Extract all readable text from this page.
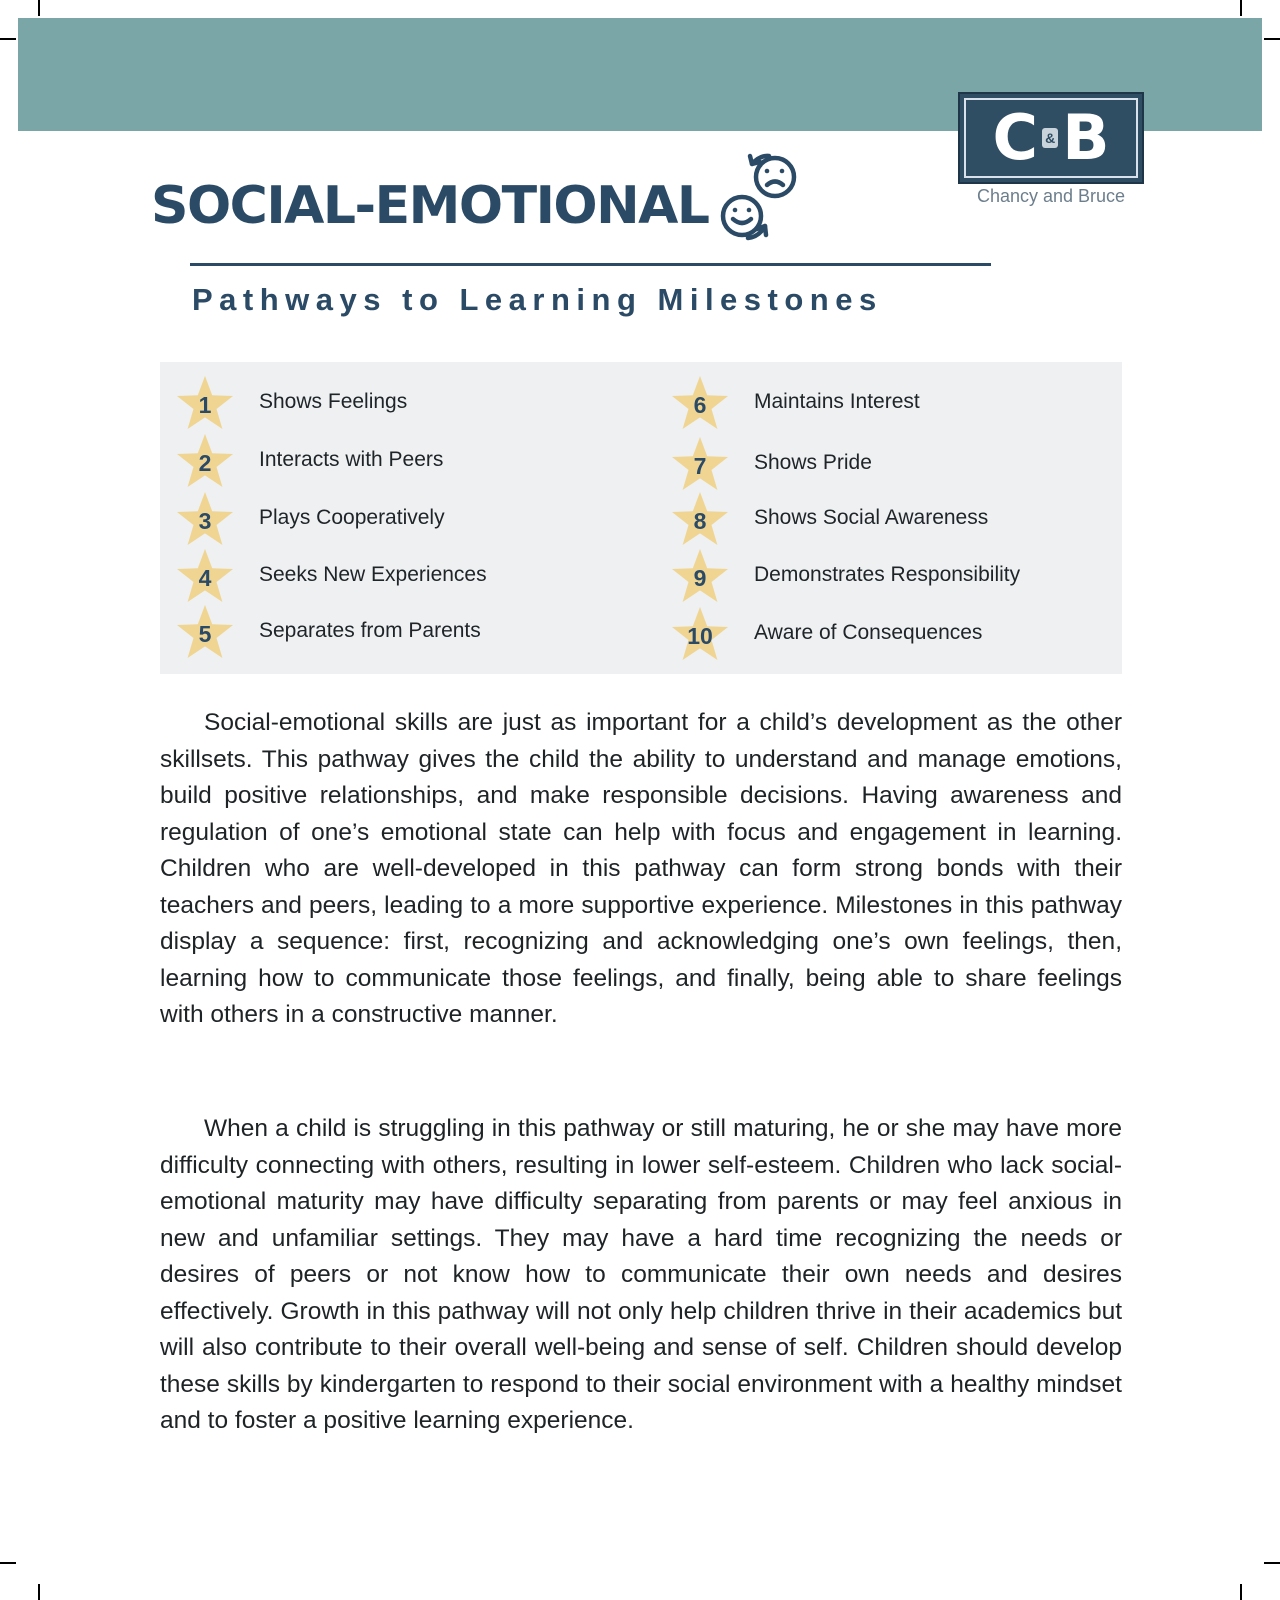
C & B
Chancy and Bruce
SOCIAL-EMOTIONAL
Pathways to Learning Milestones
1	Shows Feelings
2	Interacts with Peers
3	Plays Cooperatively
4	Seeks New Experiences
5	Separates from Parents
6	Maintains Interest
7	Shows Pride
8	Shows Social Awareness
9	Demonstrates Responsibility
10	Aware of Consequences

Social-emotional skills are just as important for a child’s development as the other skillsets. This pathway gives the child the ability to understand and manage emotions, build positive relationships, and make responsible decisions. Having awareness and regulation of one’s emotional state can help with focus and engagement in learning. Children who are well-developed in this pathway can form strong bonds with their teachers and peers, leading to a more supportive experience. Milestones in this pathway display a sequence: first, recognizing and acknowledging one’s own feelings, then, learning how to communicate those feelings, and finally, being able to share feelings with others in a constructive manner.

When a child is struggling in this pathway or still maturing, he or she may have more difficulty connecting with others, resulting in lower self-esteem. Children who lack social-emotional maturity may have difficulty separating from parents or may feel anxious in new and unfamiliar settings. They may have a hard time recognizing the needs or desires of peers or not know how to communicate their own needs and desires effectively. Growth in this pathway will not only help children thrive in their academics but will also contribute to their overall well-being and sense of self. Children should develop these skills by kindergarten to respond to their social environment with a healthy mindset and to foster a positive learning experience.
